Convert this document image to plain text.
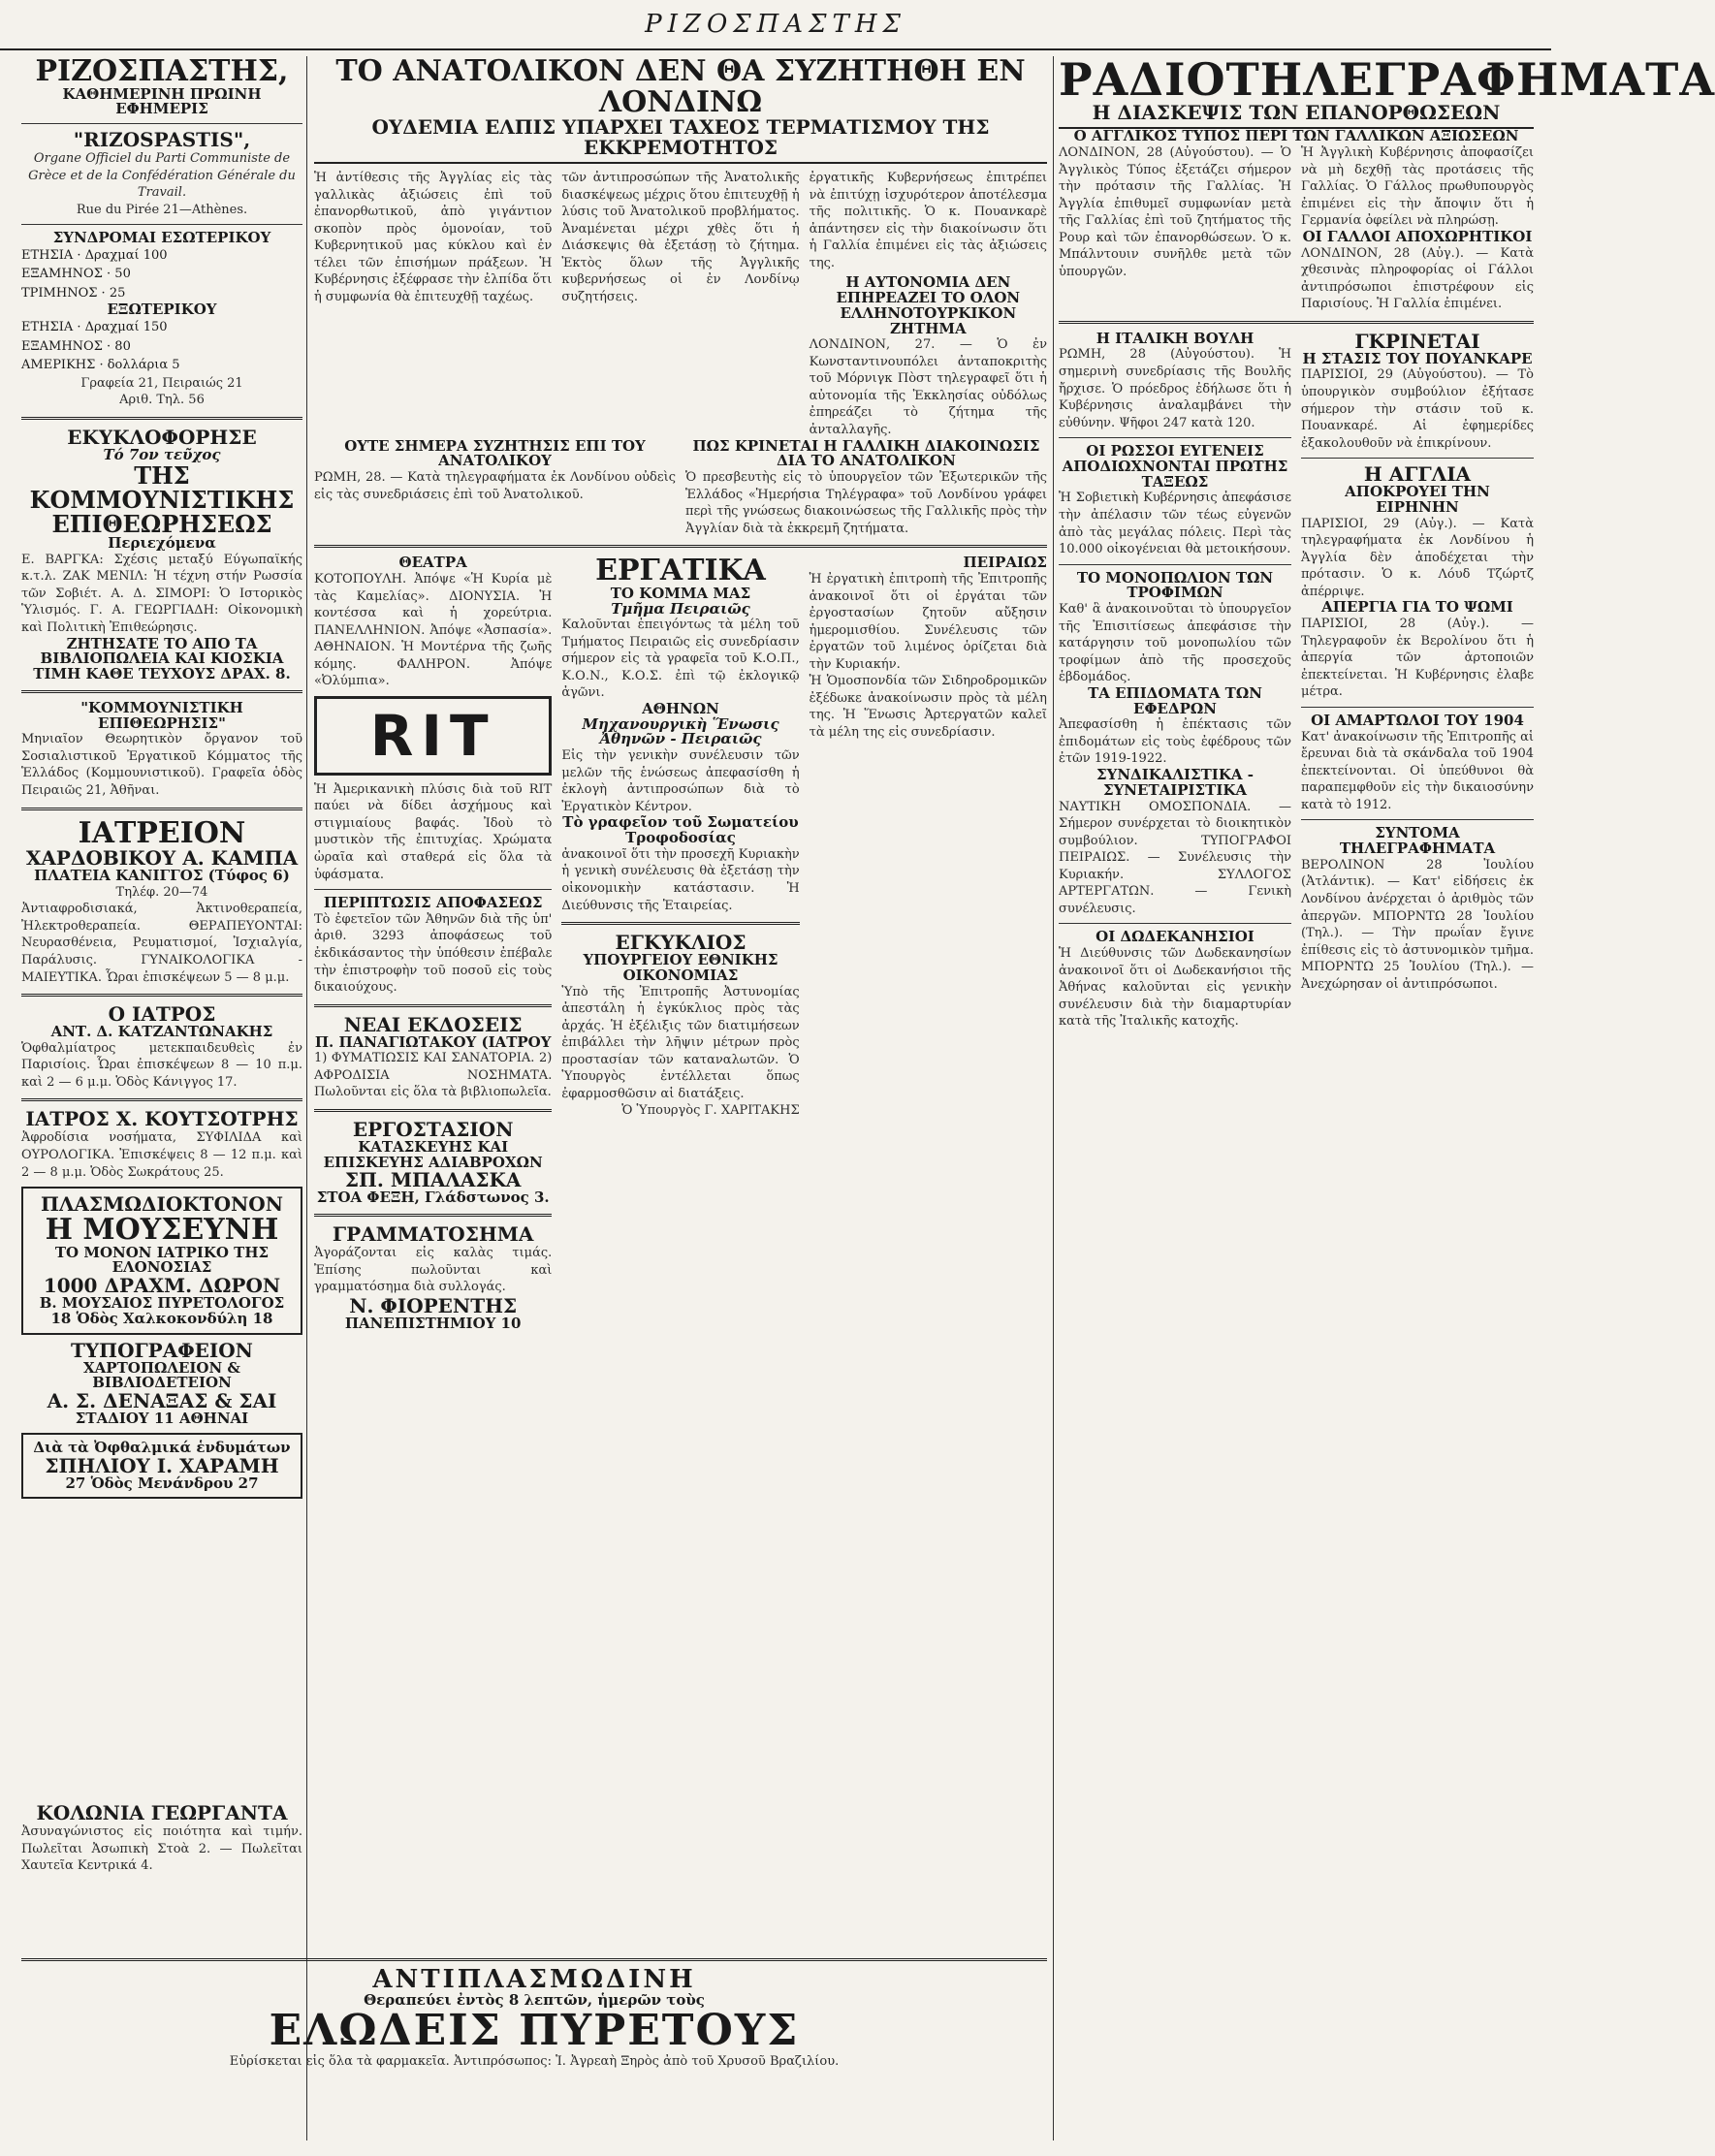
ΡΙΖΟΣΠΑΣΤΗΣ
ΡΙΖΟΣΠΑΣΤΗΣ,
ΚΑΘΗΜΕΡΙΝΗ ΠΡΩΙΝΗ ΕΦΗΜΕΡΙΣ
"RIZOSPASTIS",
Organe Officiel du Parti Communiste de Grèce et de la Confédération Générale du Travail.
Rue du Pirée 21—Athènes.
ΣΥΝΔΡΟΜΑΙ ΕΣΩΤΕΡΙΚΟΥ
ΕΤΗΣΙΑ · Δραχμαί 100
ΕΞΑΜΗΝΟΣ · 50
ΤΡΙΜΗΝΟΣ · 25
ΕΞΩΤΕΡΙΚΟΥ
ΕΤΗΣΙΑ · Δραχμαί 150
ΕΞΑΜΗΝΟΣ · 80
ΑΜΕΡΙΚΗΣ · δολλάρια 5
Γραφεία 21, Πειραιώς 21
Αριθ. Τηλ. 56
ΕΚΥΚΛΟΦΟΡΗΣΕ
Τό 7ον τεῦχος
ΤΗΣ ΚΟΜΜΟΥΝΙΣΤΙΚΗΣ ΕΠΙΘΕΩΡΗΣΕΩΣ
Περιεχόμενα
Ε. ΒΑΡΓΚΑ: Σχέσις μεταξύ Εύγωπαϊκής κ.τ.λ. ΖΑΚ ΜΕΝΙΛ: Ἡ τέχνη στήν Ρωσσία τῶν Σοβιέτ. Α. Δ. ΣΙΜΟΡΙ: Ὁ Ιστορικὸς Ὑλισμός. Γ. Α. ΓΕΩΡΓΙΑΔΗ: Οἰκονομικὴ καὶ Πολιτικὴ Ἐπιθεώρησις.
ΖΗΤΗΣΑΤΕ ΤΟ ΑΠΟ ΤΑ ΒΙΒΛΙΟΠΩΛΕΙΑ ΚΑΙ ΚΙΟΣΚΙΑ
ΤΙΜΗ ΚΑΘΕ ΤΕΥΧΟΥΣ ΔΡΑΧ. 8.
"ΚΟΜΜΟΥΝΙΣΤΙΚΗ ΕΠΙΘΕΩΡΗΣΙΣ"
Μηνιαῖον Θεωρητικὸν ὄργανον τοῦ Σοσιαλιστικοῦ Ἐργατικοῦ Κόμματος τῆς Ἑλλάδος (Κομμουνιστικοῦ). Γραφεῖα ὁδὸς Πειραιῶς 21, Ἀθῆναι.
ΙΑΤΡΕΙΟΝ
ΧΑΡΔΟΒΙΚΟΥ Α. ΚΑΜΠΑ
ΠΛΑΤΕΙΑ ΚΑΝΙΓΓΟΣ (Τύφος 6)
Τηλέφ. 20—74
Ἀντιαφροδισιακά, Ἀκτινοθεραπεία, Ἠλεκτροθεραπεία. ΘΕΡΑΠΕΥΟΝΤΑΙ: Νευρασθένεια, Ρευματισμοί, Ἰσχιαλγία, Παράλυσις. ΓΥΝΑΙΚΟΛΟΓΙΚΑ - ΜΑΙΕΥΤΙΚΑ. Ὧραι ἐπισκέψεων 5 — 8 μ.μ.
Ο ΙΑΤΡΟΣ
ΑΝΤ. Δ. ΚΑΤΖΑΝΤΩΝΑΚΗΣ
Ὁφθαλμίατρος μετεκπαιδευθεὶς ἐν Παρισίοις. Ὧραι ἐπισκέψεων 8 — 10 π.μ. καὶ 2 — 6 μ.μ. Ὁδὸς Κάνιγγος 17.
ΙΑΤΡΟΣ Χ. ΚΟΥΤΣΟΤΡΗΣ
Ἀφροδίσια νοσήματα, ΣΥΦΙΛΙΔΑ καὶ ΟΥΡΟΛΟΓΙΚΑ. Ἐπισκέψεις 8 — 12 π.μ. καὶ 2 — 8 μ.μ. Ὁδὸς Σωκράτους 25.
ΠΛΑΣΜΩΔΙΟΚΤΟΝΟΝ
Η ΜΟΥΣΕΥΝΗ
ΤΟ ΜΟΝΟΝ ΙΑΤΡΙΚΟ ΤΗΣ ΕΛΟΝΟΣΙΑΣ
1000 ΔΡΑΧΜ. ΔΩΡΟΝ
Β. ΜΟΥΣΑΙΟΣ ΠΥΡΕΤΟΛΟΓΟΣ
18 Ὁδὸς Χαλκοκονδύλη 18
ΤΥΠΟΓΡΑΦΕΙΟΝ
ΧΑΡΤΟΠΩΛΕΙΟΝ & ΒΙΒΛΙΟΔΕΤΕΙΟΝ
Α. Σ. ΔΕΝΑΞΑΣ & ΣΑΙ
ΣΤΑΔΙΟΥ 11 ΑΘΗΝΑΙ
Διὰ τὰ Ὀφθαλμικά ἑνδυμάτων
ΣΠΗΛΙΟΥ Ι. ΧΑΡΑΜΗ
27 Ὁδὸς Μενάνδρου 27
ΤΟ ΑΝΑΤΟΛΙΚΟΝ ΔΕΝ ΘΑ ΣΥΖΗΤΗΘΗ ΕΝ ΛΟΝΔΙΝΩ
ΟΥΔΕΜΙΑ ΕΛΠΙΣ ΥΠΑΡΧΕΙ ΤΑΧΕΟΣ ΤΕΡΜΑΤΙΣΜΟΥ ΤΗΣ ΕΚΚΡΕΜΟΤΗΤΟΣ
Ἡ ἀντίθεσις τῆς Ἀγγλίας εἰς τὰς γαλλικὰς ἀξιώσεις ἐπὶ τοῦ ἐπανορθωτικοῦ, ἀπὸ γιγάντιον σκοπὸν πρὸς ὁμονοίαν, τοῦ Κυβερνητικοῦ μας κύκλου καὶ ἐν τέλει τῶν ἐπισήμων πράξεων. Ἡ Κυβέρνησις ἐξέφρασε τὴν ἐλπίδα ὅτι ἡ συμφωνία θὰ ἐπιτευχθῇ ταχέως.
τῶν ἀντιπροσώπων τῆς Ἀνατολικῆς διασκέψεως μέχρις ὅτου ἐπιτευχθῇ ἡ λύσις τοῦ Ἀνατολικοῦ προβλήματος. Ἀναμένεται μέχρι χθὲς ὅτι ἡ Διάσκεψις θὰ ἐξετάσῃ τὸ ζήτημα. Ἐκτὸς ὅλων τῆς Ἀγγλικῆς κυβερνήσεως οἱ ἐν Λονδίνῳ συζητήσεις.
ἐργατικῆς Κυβερνήσεως ἐπιτρέπει νὰ ἐπιτύχῃ ἰσχυρότερον ἀποτέλεσμα τῆς πολιτικῆς. Ὁ κ. Πουανκαρὲ ἀπάντησεν εἰς τὴν διακοίνωσιν ὅτι ἡ Γαλλία ἐπιμένει εἰς τὰς ἀξιώσεις της.
Η ΑΥΤΟΝΟΜΙΑ ΔΕΝ ΕΠΗΡΕΑΖΕΙ ΤΟ ΟΛΟΝ ΕΛΛΗΝΟΤΟΥΡΚΙΚΟΝ ΖΗΤΗΜΑ
ΛΟΝΔΙΝΟΝ, 27. — Ὁ ἐν Κωνσταντινουπόλει ἀνταποκριτὴς τοῦ Μόρνιγκ Πὸστ τηλεγραφεῖ ὅτι ἡ αὐτονομία τῆς Ἐκκλησίας οὐδόλως ἐπηρεάζει τὸ ζήτημα τῆς ἀνταλλαγῆς.
ΟΥΤΕ ΣΗΜΕΡΑ ΣΥΖΗΤΗΣΙΣ ΕΠΙ ΤΟΥ ΑΝΑΤΟΛΙΚΟΥ
ΡΩΜΗ, 28. — Κατὰ τηλεγραφήματα ἐκ Λονδίνου οὐδεὶς εἰς τὰς συνεδριάσεις ἐπὶ τοῦ Ἀνατολικοῦ.
ΠΩΣ ΚΡΙΝΕΤΑΙ Η ΓΑΛΛΙΚΗ ΔΙΑΚΟΙΝΩΣΙΣ ΔΙΑ ΤΟ ΑΝΑΤΟΛΙΚΟΝ
Ὁ πρεσβευτὴς εἰς τὸ ὑπουργεῖον τῶν Ἐξωτερικῶν τῆς Ἑλλάδος «Ἡμερήσια Τηλέγραφα» τοῦ Λονδίνου γράφει περὶ τῆς γνώσεως διακοινώσεως τῆς Γαλλικῆς πρὸς τὴν Ἀγγλίαν διὰ τὰ ἐκκρεμῆ ζητήματα.
ΘΕΑΤΡΑ
ΚΟΤΟΠΟΥΛΗ. Ἀπόψε «Ἡ Κυρία μὲ τὰς Καμελίας». ΔΙΟΝΥΣΙΑ. Ἡ κοντέσσα καὶ ἡ χορεύτρια. ΠΑΝΕΛΛΗΝΙΟΝ. Ἀπόψε «Ἀσπασία». ΑΘΗΝΑΙΟΝ. Ἡ Μοντέρνα τῆς ζωῆς κόμης. ΦΑΛΗΡΟΝ. Ἀπόψε «Ὀλύμπια».
RIT
Ἡ Ἀμερικανικὴ πλύσις διὰ τοῦ RIT παύει νὰ δίδει ἀσχήμους καὶ στιγμιαίους βαφάς. Ἰδοὺ τὸ μυστικὸν τῆς ἐπιτυχίας. Χρώματα ὡραῖα καὶ σταθερά εἰς ὅλα τὰ ὑφάσματα.
ΠΕΡΙΠΤΩΣΙΣ ΑΠΟΦΑΣΕΩΣ
Τὸ ἐφετεῖον τῶν Ἀθηνῶν διὰ τῆς ὑπ' ἀριθ. 3293 ἀποφάσεως τοῦ ἐκδικάσαντος τὴν ὑπόθεσιν ἐπέβαλε τὴν ἐπιστροφὴν τοῦ ποσοῦ εἰς τοὺς δικαιούχους.
ΝΕΑΙ ΕΚΔΟΣΕΙΣ
Π. ΠΑΝΑΓΙΩΤΑΚΟΥ (ΙΑΤΡΟΥ
1) ΦΥΜΑΤΙΩΣΙΣ ΚΑΙ ΣΑΝΑΤΟΡΙΑ. 2) ΑΦΡΟΔΙΣΙΑ ΝΟΣΗΜΑΤΑ. Πωλοῦνται εἰς ὅλα τὰ βιβλιοπωλεῖα.
ΕΡΓΟΣΤΑΣΙΟΝ
ΚΑΤΑΣΚΕΥΗΣ ΚΑΙ ΕΠΙΣΚΕΥΗΣ ΑΔΙΑΒΡΟΧΩΝ
ΣΠ. ΜΠΑΛΑΣΚΑ
ΣΤΟΑ ΦΕΞΗ, Γλάδστωνος 3.
ΓΡΑΜΜΑΤΟΣΗΜΑ
Ἀγοράζονται εἰς καλὰς τιμάς. Ἐπίσης πωλοῦνται καὶ γραμματόσημα διὰ συλλογάς.
Ν. ΦΙΟΡΕΝΤΗΣ
ΠΑΝΕΠΙΣΤΗΜΙΟΥ 10
ΕΡΓΑΤΙΚΑ
ΤΟ ΚΟΜΜΑ ΜΑΣ
Τμῆμα Πειραιῶς
Καλοῦνται ἐπειγόντως τὰ μέλη τοῦ Τμήματος Πειραιῶς εἰς συνεδρίασιν σήμερον εἰς τὰ γραφεῖα τοῦ Κ.Ο.Π., Κ.Ο.Ν., Κ.Ο.Σ. ἐπὶ τῷ ἐκλογικῷ ἀγῶνι.
ΑΘΗΝΩΝ
Μηχανουργικὴ Ἕνωσις Ἀθηνῶν - Πειραιῶς
Εἰς τὴν γενικὴν συνέλευσιν τῶν μελῶν τῆς ἑνώσεως ἀπεφασίσθη ἡ ἐκλογὴ ἀντιπροσώπων διὰ τὸ Ἐργατικὸν Κέντρον.
Τὸ γραφεῖον τοῦ Σωματείου Τροφοδοσίας
ἀνακοινοῖ ὅτι τὴν προσεχῆ Κυριακὴν ἡ γενικὴ συνέλευσις θὰ ἐξετάσῃ τὴν οἰκονομικὴν κατάστασιν. Ἡ Διεύθυνσις τῆς Ἑταιρείας.
ΕΓΚΥΚΛΙΟΣ
ΥΠΟΥΡΓΕΙΟΥ ΕΘΝΙΚΗΣ ΟΙΚΟΝΟΜΙΑΣ
Ὑπὸ τῆς Ἐπιτροπῆς Ἀστυνομίας ἀπεστάλη ἡ ἐγκύκλιος πρὸς τὰς ἀρχάς. Ἡ ἐξέλιξις τῶν διατιμήσεων ἐπιβάλλει τὴν λῆψιν μέτρων πρὸς προστασίαν τῶν καταναλωτῶν. Ὁ Ὑπουργὸς ἐντέλλεται ὅπως ἐφαρμοσθῶσιν αἱ διατάξεις.
Ὁ Ὑπουργὸς Γ. ΧΑΡΙΤΑΚΗΣ
ΠΕΙΡΑΙΩΣ
Ἡ ἐργατικὴ ἐπιτροπὴ τῆς Ἐπιτροπῆς ἀνακοινοῖ ὅτι οἱ ἐργάται τῶν ἐργοστασίων ζητοῦν αὔξησιν ἡμερομισθίου. Συνέλευσις τῶν ἐργατῶν τοῦ λιμένος ὁρίζεται διὰ τὴν Κυριακήν.
Ἡ Ὁμοσπονδία τῶν Σιδηροδρομικῶν ἐξέδωκε ἀνακοίνωσιν πρὸς τὰ μέλη της. Ἡ Ἕνωσις Ἀρτεργατῶν καλεῖ τὰ μέλη της εἰς συνεδρίασιν.
ΡΑΔΙΟΤΗΛΕΓΡΑΦΗΜΑΤΑ
Η ΔΙΑΣΚΕΨΙΣ ΤΩΝ ΕΠΑΝΟΡΘΩΣΕΩΝ
Ο ΑΓΓΛΙΚΟΣ ΤΥΠΟΣ ΠΕΡΙ ΤΩΝ ΓΑΛΛΙΚΩΝ ΑΞΙΩΣΕΩΝ
ΛΟΝΔΙΝΟΝ, 28 (Αὐγούστου). — Ὁ Ἀγγλικὸς Τύπος ἐξετάζει σήμερον τὴν πρότασιν τῆς Γαλλίας. Ἡ Ἀγγλία ἐπιθυμεῖ συμφωνίαν μετὰ τῆς Γαλλίας ἐπὶ τοῦ ζητήματος τῆς Ρουρ καὶ τῶν ἐπανορθώσεων. Ὁ κ. Μπάλντουιν συνῆλθε μετὰ τῶν ὑπουργῶν.
Ἡ Ἀγγλικὴ Κυβέρνησις ἀποφασίζει νὰ μὴ δεχθῇ τὰς προτάσεις τῆς Γαλλίας. Ὁ Γάλλος πρωθυπουργὸς ἐπιμένει εἰς τὴν ἄποψιν ὅτι ἡ Γερμανία ὀφείλει νὰ πληρώσῃ.
ΟΙ ΓΑΛΛΟΙ ΑΠΟΧΩΡΗΤΙΚΟΙ
ΛΟΝΔΙΝΟΝ, 28 (Αὐγ.). — Κατὰ χθεσινὰς πληροφορίας οἱ Γάλλοι ἀντιπρόσωποι ἐπιστρέφουν εἰς Παρισίους. Ἡ Γαλλία ἐπιμένει.
Η ΙΤΑΛΙΚΗ ΒΟΥΛΗ
ΡΩΜΗ, 28 (Αὐγούστου). Ἡ σημερινὴ συνεδρίασις τῆς Βουλῆς ἤρχισε. Ὁ πρόεδρος ἐδήλωσε ὅτι ἡ Κυβέρνησις ἀναλαμβάνει τὴν εὐθύνην. Ψῆφοι 247 κατὰ 120.
ΟΙ ΡΩΣΣΟΙ ΕΥΓΕΝΕΙΣ
ΑΠΟΔΙΩΧΝΟΝΤΑΙ ΠΡΩΤΗΣ ΤΑΞΕΩΣ
Ἡ Σοβιετικὴ Κυβέρνησις ἀπεφάσισε τὴν ἀπέλασιν τῶν τέως εὐγενῶν ἀπὸ τὰς μεγάλας πόλεις. Περὶ τὰς 10.000 οἰκογένειαι θὰ μετοικήσουν.
ΤΟ ΜΟΝΟΠΩΛΙΟΝ ΤΩΝ ΤΡΟΦΙΜΩΝ
Καθ' ἃ ἀνακοινοῦται τὸ ὑπουργεῖον τῆς Ἐπισιτίσεως ἀπεφάσισε τὴν κατάργησιν τοῦ μονοπωλίου τῶν τροφίμων ἀπὸ τῆς προσεχοῦς ἑβδομάδος.
ΤΑ ΕΠΙΔΟΜΑΤΑ ΤΩΝ ΕΦΕΔΡΩΝ
Ἀπεφασίσθη ἡ ἐπέκτασις τῶν ἐπιδομάτων εἰς τοὺς ἐφέδρους τῶν ἐτῶν 1919-1922.
ΣΥΝΔΙΚΑΛΙΣΤΙΚΑ - ΣΥΝΕΤΑΙΡΙΣΤΙΚΑ
ΝΑΥΤΙΚΗ ΟΜΟΣΠΟΝΔΙΑ. — Σήμερον συνέρχεται τὸ διοικητικὸν συμβούλιον. ΤΥΠΟΓΡΑΦΟΙ ΠΕΙΡΑΙΩΣ. — Συνέλευσις τὴν Κυριακήν. ΣΥΛΛΟΓΟΣ ΑΡΤΕΡΓΑΤΩΝ. — Γενικὴ συνέλευσις.
ΟΙ ΔΩΔΕΚΑΝΗΣΙΟΙ
Ἡ Διεύθυνσις τῶν Δωδεκανησίων ἀνακοινοῖ ὅτι οἱ Δωδεκανήσιοι τῆς Ἀθήνας καλοῦνται εἰς γενικὴν συνέλευσιν διὰ τὴν διαμαρτυρίαν κατὰ τῆς Ἰταλικῆς κατοχῆς.
ΓΚΡΙΝΕΤΑΙ
Η ΣΤΑΣΙΣ ΤΟΥ ΠΟΥΑΝΚΑΡΕ
ΠΑΡΙΣΙΟΙ, 29 (Αὐγούστου). — Τὸ ὑπουργικὸν συμβούλιον ἐξήτασε σήμερον τὴν στάσιν τοῦ κ. Πουανκαρέ. Αἱ ἐφημερίδες ἐξακολουθοῦν νὰ ἐπικρίνουν.
Η ΑΓΓΛΙΑ
ΑΠΟΚΡΟΥΕΙ ΤΗΝ ΕΙΡΗΝΗΝ
ΠΑΡΙΣΙΟΙ, 29 (Αὐγ.). — Κατὰ τηλεγραφήματα ἐκ Λονδίνου ἡ Ἀγγλία δὲν ἀποδέχεται τὴν πρότασιν. Ὁ κ. Λόυδ Τζώρτζ ἀπέρριψε.
ΑΠΕΡΓΙΑ ΓΙΑ ΤΟ ΨΩΜΙ
ΠΑΡΙΣΙΟΙ, 28 (Αὐγ.). — Τηλεγραφοῦν ἐκ Βερολίνου ὅτι ἡ ἀπεργία τῶν ἀρτοποιῶν ἐπεκτείνεται. Ἡ Κυβέρνησις ἐλαβε μέτρα.
ΟΙ ΑΜΑΡΤΩΛΟΙ ΤΟΥ 1904
Κατ' ἀνακοίνωσιν τῆς Ἐπιτροπῆς αἱ ἔρευναι διὰ τὰ σκάνδαλα τοῦ 1904 ἐπεκτείνονται. Οἱ ὑπεύθυνοι θὰ παραπεμφθοῦν εἰς τὴν δικαιοσύνην κατὰ τὸ 1912.
ΣΥΝΤΟΜΑ ΤΗΛΕΓΡΑΦΗΜΑΤΑ
ΒΕΡΟΛΙΝΟΝ 28 Ἰουλίου (Ἀτλάντικ). — Κατ' εἰδήσεις ἐκ Λονδίνου ἀνέρχεται ὁ ἀριθμὸς τῶν ἀπεργῶν. ΜΠΟΡΝΤΩ 28 Ἰουλίου (Τηλ.). — Τὴν πρωΐαν ἔγινε ἐπίθεσις εἰς τὸ ἀστυνομικὸν τμῆμα. ΜΠΟΡΝΤΩ 25 Ἰουλίου (Τηλ.). — Ἀνεχώρησαν οἱ ἀντιπρόσωποι.
ΚΟΛΩΝΙΑ ΓΕΩΡΓΑΝΤΑ
Ἀσυναγώνιστος εἰς ποιότητα καὶ τιμήν. Πωλεῖται Ἀσωπικὴ Στοὰ 2. — Πωλεῖται Χαυτεῖα Κεντρικά 4.
ΑΝΤΙΠΛΑΣΜΩΔΙΝΗ
Θεραπεύει ἐντὸς 8 λεπτῶν, ἡμερῶν τοὺς
ΕΛΩΔΕΙΣ ΠΥΡΕΤΟΥΣ
Εὑρίσκεται εἰς ὅλα τὰ φαρμακεῖα. Ἀντιπρόσωπος: Ἱ. Ἀγρεαὴ Ξηρὸς ἀπὸ τοῦ Χρυσοῦ Βραζιλίου.
